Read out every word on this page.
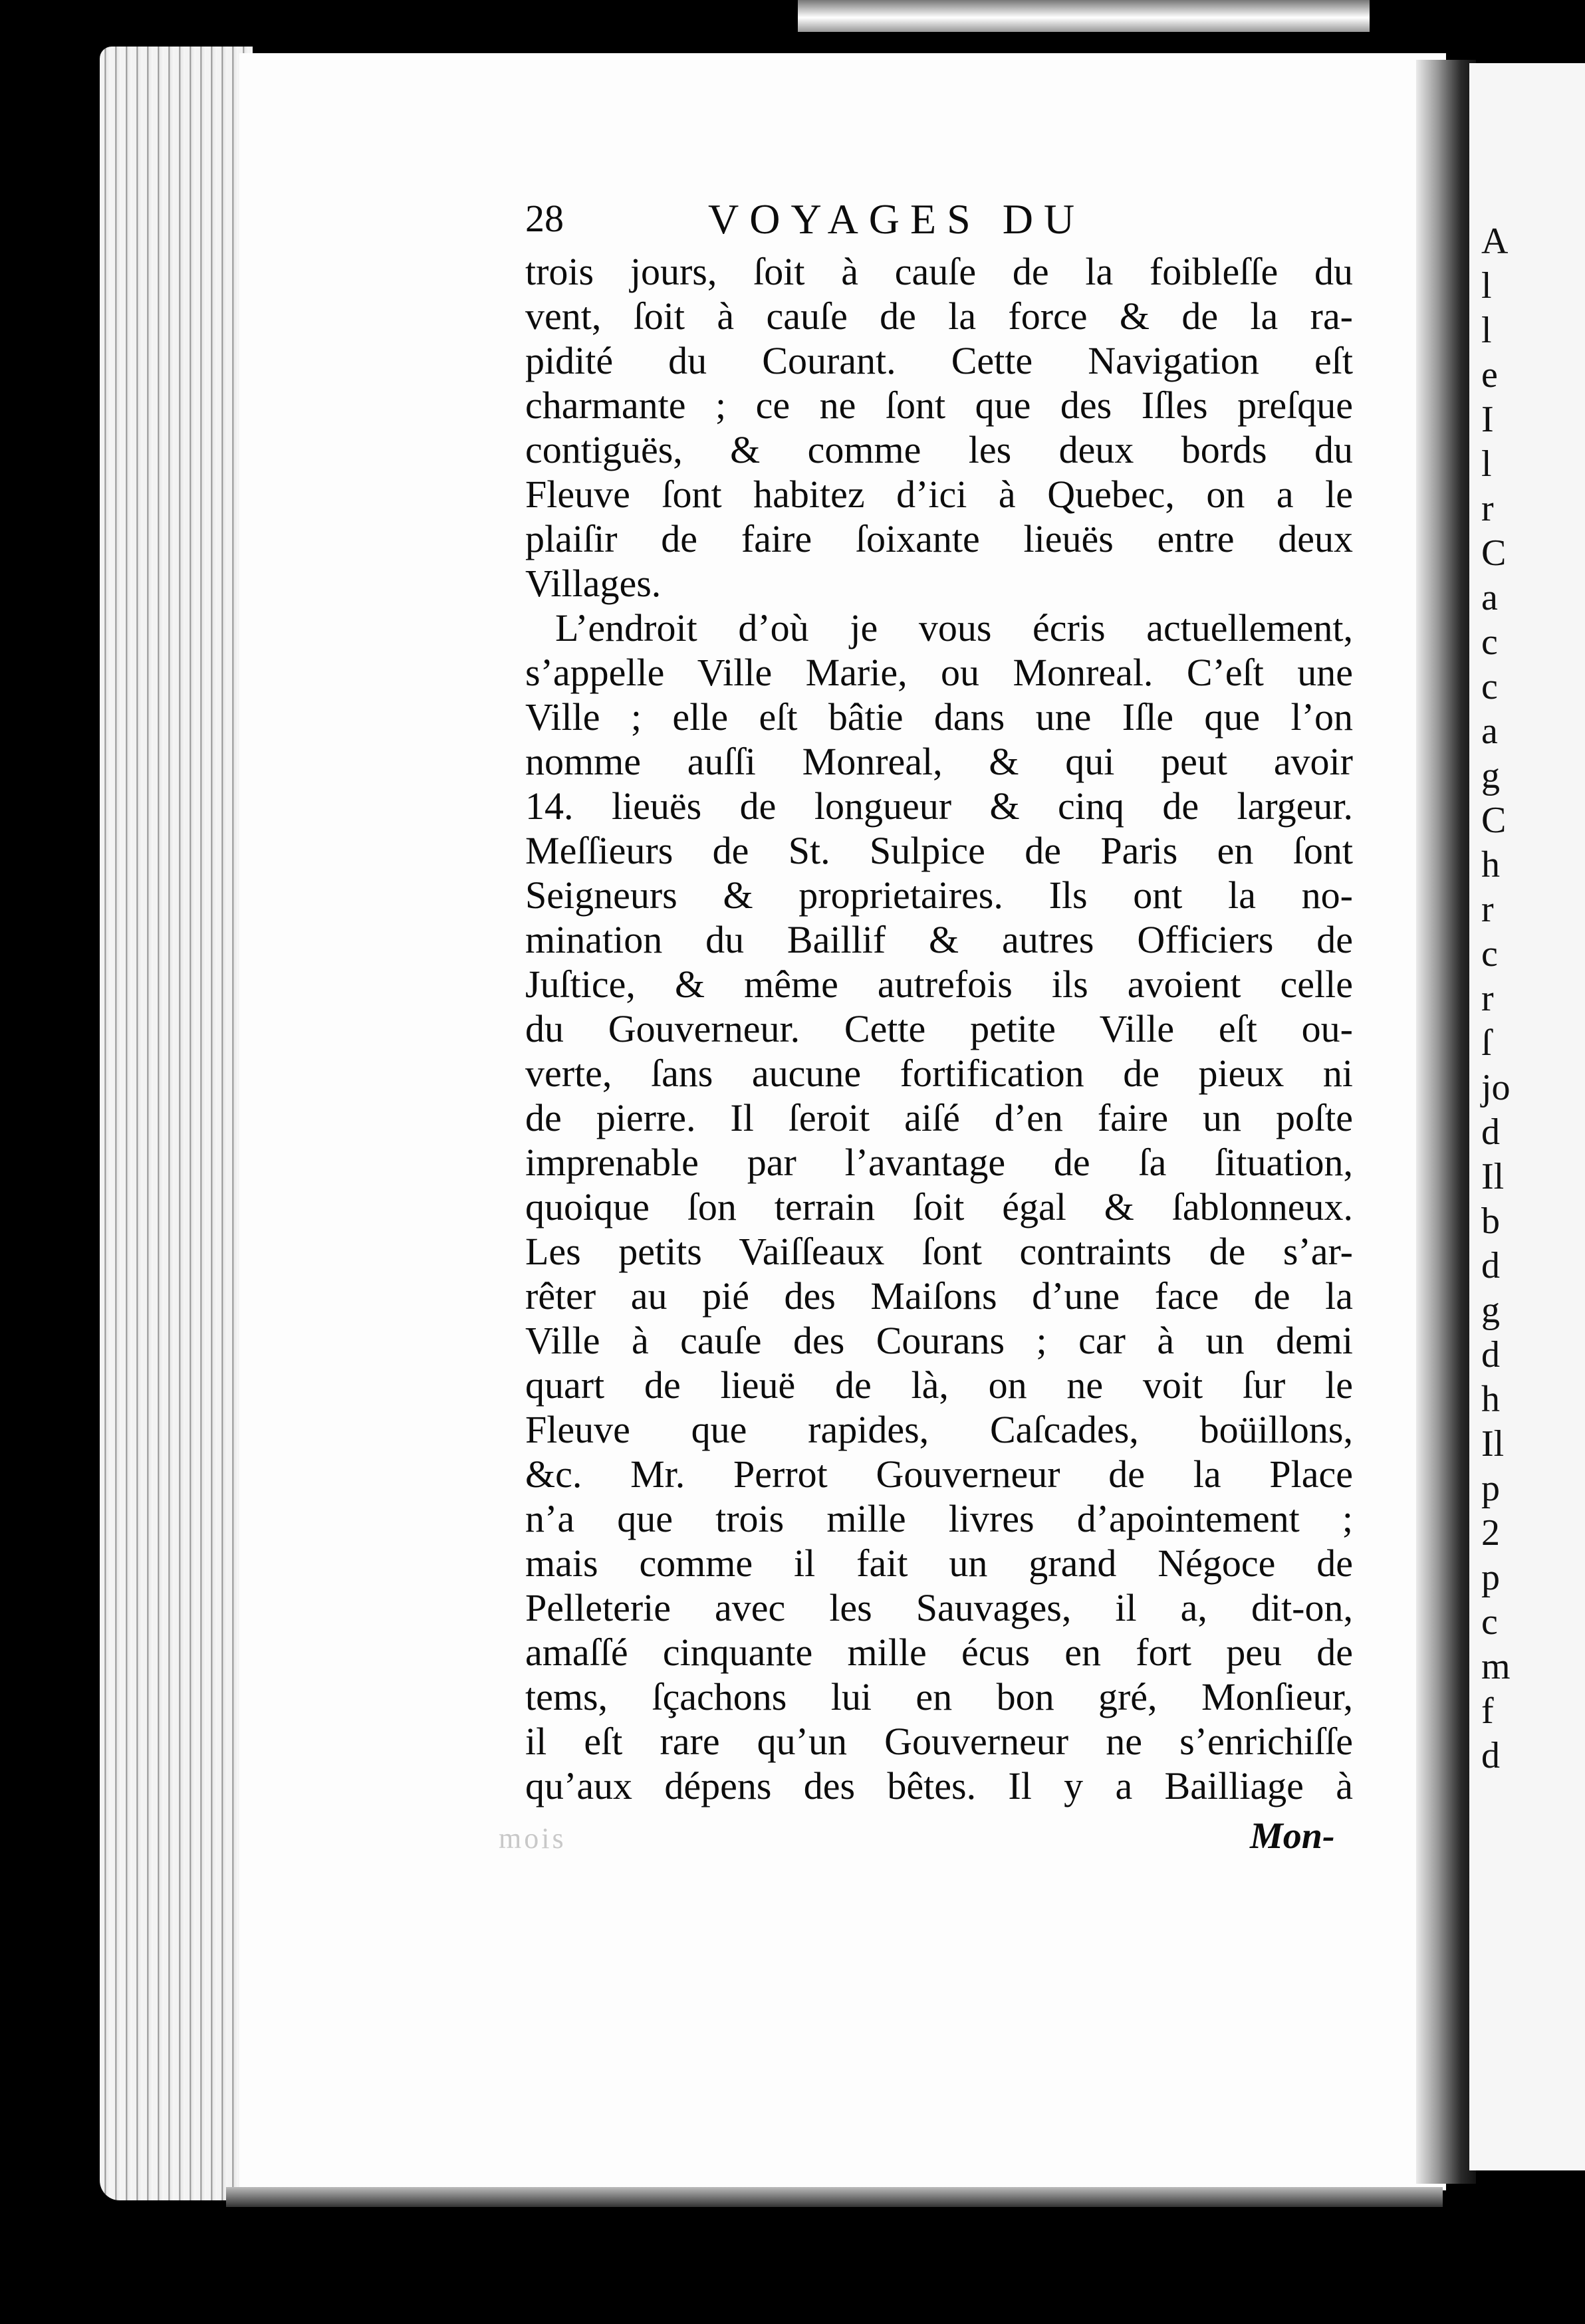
A
l
l
e
I
l
r
C
a
c
c
a
g
C
h
r
c
r
ſ
jo
d
Il
b
d
g
d
h
Il
p
2
p
c
m
f
d
28	VOYAGES DU
trois jours, ſoit à cauſe de la foibleſſe du
vent, ſoit à cauſe de la force & de la ra-
pidité du Courant. Cette Navigation eſt
charmante ; ce ne ſont que des Iſles preſque
contiguës, & comme les deux bords du
Fleuve ſont habitez d’ici à Quebec, on a le
plaiſir de faire ſoixante lieuës entre deux
Villages.
L’endroit d’où je vous écris actuellement,
s’appelle Ville Marie, ou Monreal. C’eſt une
Ville ; elle eſt bâtie dans une Iſle que l’on
nomme auſſi Monreal, & qui peut avoir
14. lieuës de longueur & cinq de largeur.
Meſſieurs de St. Sulpice de Paris en ſont
Seigneurs & proprietaires. Ils ont la no-
mination du Baillif & autres Officiers de
Juſtice, & même autrefois ils avoient celle
du Gouverneur. Cette petite Ville eſt ou-
verte, ſans aucune fortification de pieux ni
de pierre. Il ſeroit aiſé d’en faire un poſte
imprenable par l’avantage de ſa ſituation,
quoique ſon terrain ſoit égal & ſablonneux.
Les petits Vaiſſeaux ſont contraints de s’ar-
rêter au pié des Maiſons d’une face de la
Ville à cauſe des Courans ; car à un demi
quart de lieuë de là, on ne voit ſur le
Fleuve que rapides, Caſcades, boüillons,
&c. Mr. Perrot Gouverneur de la Place
n’a que trois mille livres d’apointement ;
mais comme il fait un grand Négoce de
Pelleterie avec les Sauvages, il a, dit-on,
amaſſé cinquante mille écus en fort peu de
tems, ſçachons lui en bon gré, Monſieur,
il eſt rare qu’un Gouverneur ne s’enrichiſſe
qu’aux dépens des bêtes. Il y a Bailliage à
Mon-
mois
